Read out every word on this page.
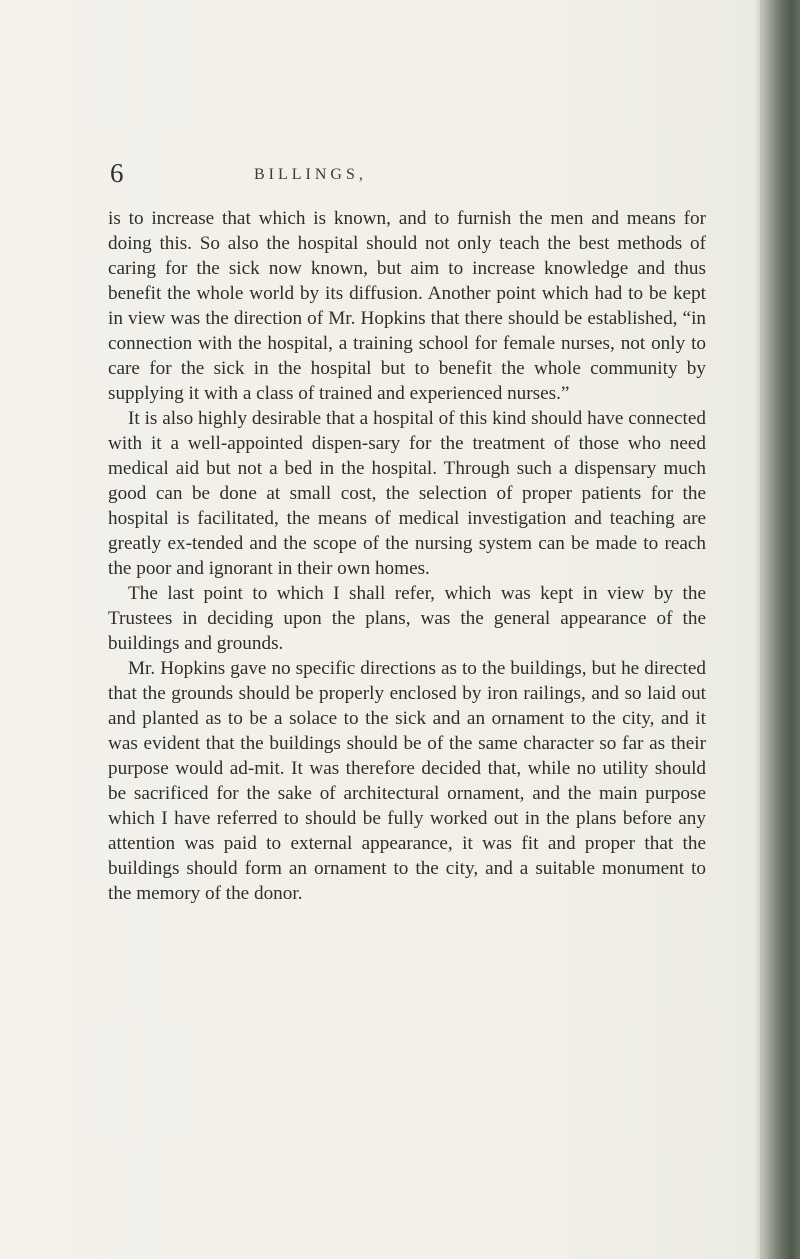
6	BILLINGS,

is to increase that which is known, and to furnish the men and means for doing this. So also the hospital should not only teach the best methods of caring for the sick now known, but aim to increase knowledge and thus benefit the whole world by its diffusion. Another point which had to be kept in view was the direction of Mr. Hopkins that there should be established, “in connection with the hospital, a training school for female nurses, not only to care for the sick in the hospital but to benefit the whole community by supplying it with a class of trained and experienced nurses.”

It is also highly desirable that a hospital of this kind should have connected with it a well-appointed dispen-sary for the treatment of those who need medical aid but not a bed in the hospital. Through such a dispensary much good can be done at small cost, the selection of proper patients for the hospital is facilitated, the means of medical investigation and teaching are greatly ex-tended and the scope of the nursing system can be made to reach the poor and ignorant in their own homes.

The last point to which I shall refer, which was kept in view by the Trustees in deciding upon the plans, was the general appearance of the buildings and grounds.

Mr. Hopkins gave no specific directions as to the buildings, but he directed that the grounds should be properly enclosed by iron railings, and so laid out and planted as to be a solace to the sick and an ornament to the city, and it was evident that the buildings should be of the same character so far as their purpose would ad-mit. It was therefore decided that, while no utility should be sacrificed for the sake of architectural ornament, and the main purpose which I have referred to should be fully worked out in the plans before any attention was paid to external appearance, it was fit and proper that the buildings should form an ornament to the city, and a suitable monument to the memory of the donor.
